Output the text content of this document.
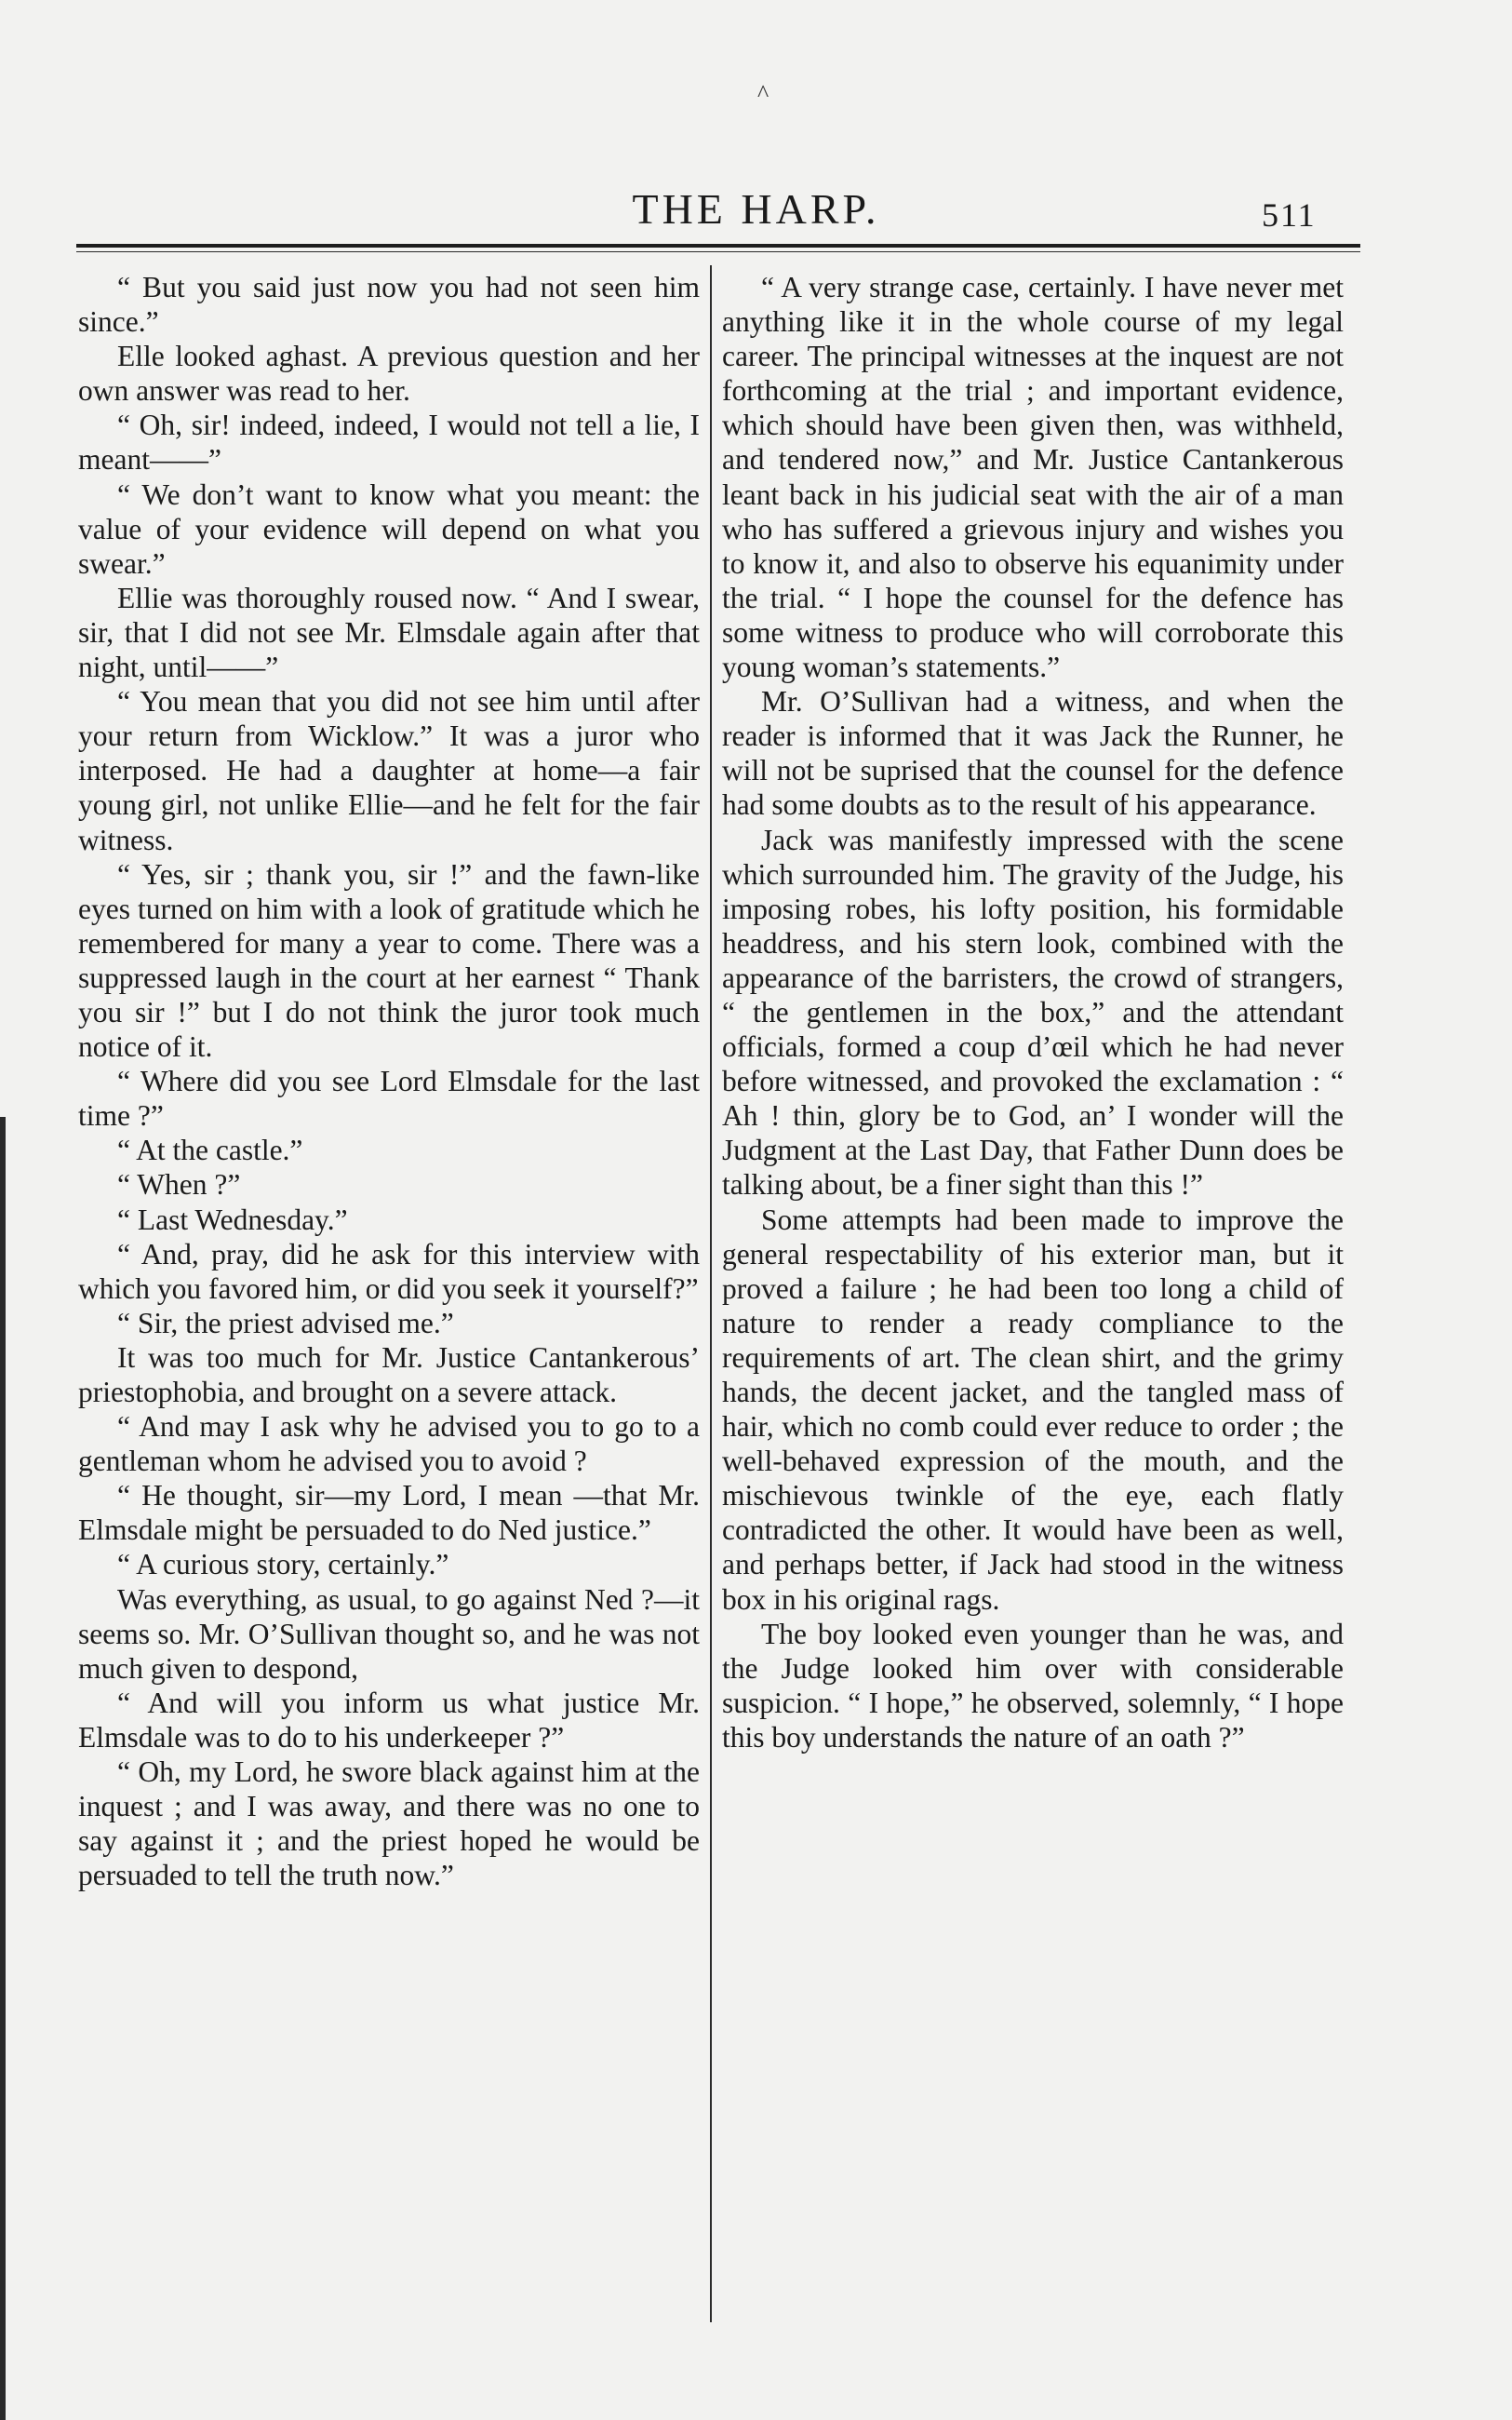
^
THE HARP.	511

“ But you said just now you had not seen him since.”

Elle looked aghast. A previous question and her own answer was read to her.

“ Oh, sir! indeed, indeed, I would not tell a lie, I meant——”

“ We don’t want to know what you meant: the value of your evidence will depend on what you swear.”

Ellie was thoroughly roused now. “ And I swear, sir, that I did not see Mr. Elmsdale again after that night, until——”

“ You mean that you did not see him until after your return from Wicklow.” It was a juror who interposed. He had a daughter at home—a fair young girl, not unlike Ellie—and he felt for the fair witness.

“ Yes, sir ; thank you, sir !” and the fawn-like eyes turned on him with a look of gratitude which he remembered for many a year to come. There was a suppressed laugh in the court at her earnest “ Thank you sir !” but I do not think the juror took much notice of it.

“ Where did you see Lord Elmsdale for the last time ?”

“ At the castle.”

“ When ?”

“ Last Wednesday.”

“ And, pray, did he ask for this interview with which you favored him, or did you seek it yourself?”

“ Sir, the priest advised me.”

It was too much for Mr. Justice Cantankerous’ priestophobia, and brought on a severe attack.

“ And may I ask why he advised you to go to a gentleman whom he advised you to avoid ?

“ He thought, sir—my Lord, I mean —that Mr. Elmsdale might be persuaded to do Ned justice.”

“ A curious story, certainly.”

Was everything, as usual, to go against Ned ?—it seems so. Mr. O’Sullivan thought so, and he was not much given to despond,

“ And will you inform us what justice Mr. Elmsdale was to do to his underkeeper ?”

“ Oh, my Lord, he swore black against him at the inquest ; and I was away, and there was no one to say against it ; and the priest hoped he would be persuaded to tell the truth now.”

“ A very strange case, certainly. I have never met anything like it in the whole course of my legal career. The principal witnesses at the inquest are not forthcoming at the trial ; and important evidence, which should have been given then, was withheld, and tendered now,” and Mr. Justice Cantankerous leant back in his judicial seat with the air of a man who has suffered a grievous injury and wishes you to know it, and also to observe his equanimity under the trial. “ I hope the counsel for the defence has some witness to produce who will corroborate this young woman’s statements.”

Mr. O’Sullivan had a witness, and when the reader is informed that it was Jack the Runner, he will not be suprised that the counsel for the defence had some doubts as to the result of his appearance.

Jack was manifestly impressed with the scene which surrounded him. The gravity of the Judge, his imposing robes, his lofty position, his formidable headdress, and his stern look, combined with the appearance of the barristers, the crowd of strangers, “ the gentlemen in the box,” and the attendant officials, formed a coup d’œil which he had never before witnessed, and provoked the exclamation : “ Ah ! thin, glory be to God, an’ I wonder will the Judgment at the Last Day, that Father Dunn does be talking about, be a finer sight than this !”

Some attempts had been made to improve the general respectability of his exterior man, but it proved a failure ; he had been too long a child of nature to render a ready compliance to the requirements of art. The clean shirt, and the grimy hands, the decent jacket, and the tangled mass of hair, which no comb could ever reduce to order ; the well-behaved expression of the mouth, and the mischievous twinkle of the eye, each flatly contradicted the other. It would have been as well, and perhaps better, if Jack had stood in the witness box in his original rags.

The boy looked even younger than he was, and the Judge looked him over with considerable suspicion. “ I hope,” he observed, solemnly, “ I hope this boy understands the nature of an oath ?”
